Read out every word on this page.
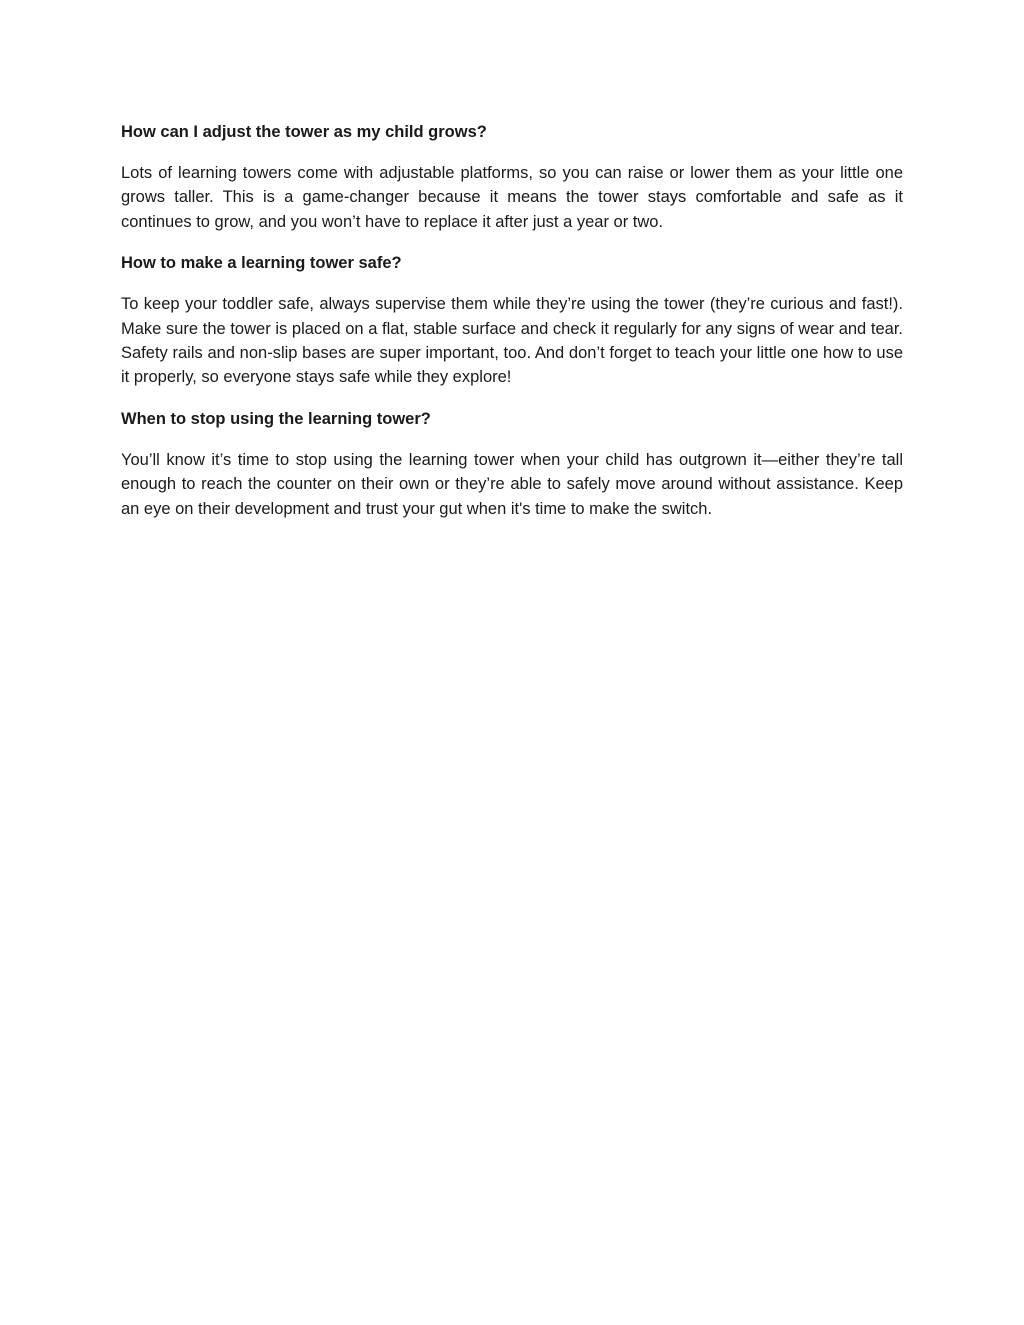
How can I adjust the tower as my child grows?

Lots of learning towers come with adjustable platforms, so you can raise or lower them as your little one grows taller. This is a game-changer because it means the tower stays comfortable and safe as it continues to grow, and you won’t have to replace it after just a year or two.

How to make a learning tower safe?

To keep your toddler safe, always supervise them while they’re using the tower (they’re curious and fast!). Make sure the tower is placed on a flat, stable surface and check it regularly for any signs of wear and tear. Safety rails and non-slip bases are super important, too. And don’t forget to teach your little one how to use it properly, so everyone stays safe while they explore!

When to stop using the learning tower?

You’ll know it’s time to stop using the learning tower when your child has outgrown it—either they’re tall enough to reach the counter on their own or they’re able to safely move around without assistance. Keep an eye on their development and trust your gut when it's time to make the switch.
